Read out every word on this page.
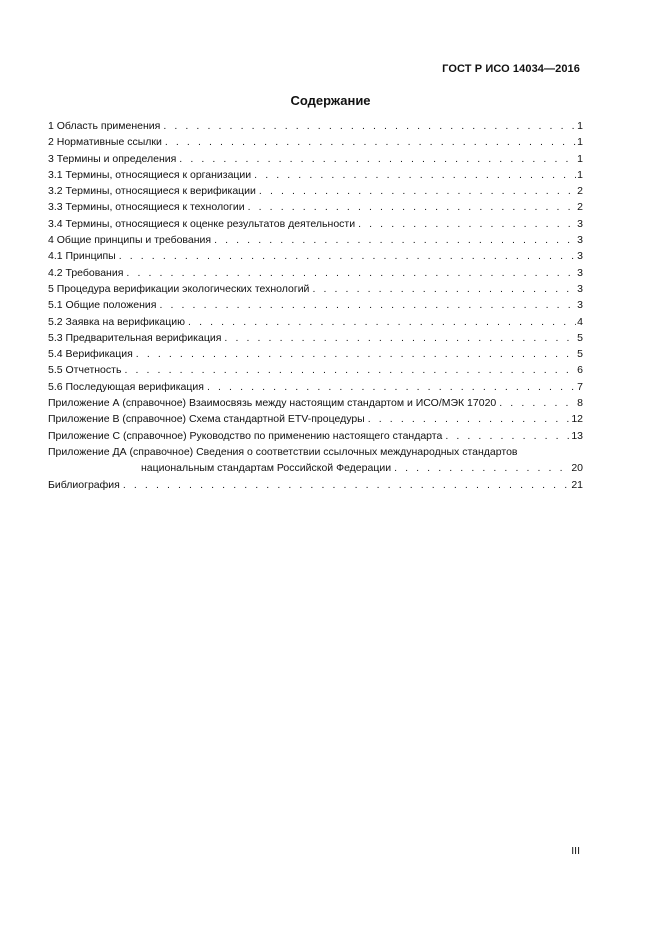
ГОСТ Р ИСО 14034—2016
Содержание
1 Область применения . . .	1
2 Нормативные ссылки . . .	1
3 Термины и определения . . .	1
3.1 Термины, относящиеся к организации . . .	1
3.2 Термины, относящиеся к верификации . . .	2
3.3 Термины, относящиеся к технологии . . .	2
3.4 Термины, относящиеся к оценке результатов деятельности . . .	3
4 Общие принципы и требования . . .	3
4.1 Принципы . . .	3
4.2 Требования . . .	3
5 Процедура верификации экологических технологий . . .	3
5.1 Общие положения . . .	3
5.2 Заявка на верификацию . . .	4
5.3 Предварительная верификация . . .	5
5.4 Верификация . . .	5
5.5 Отчетность . . .	6
5.6 Последующая верификация . . .	7
Приложение А (справочное) Взаимосвязь между настоящим стандартом и ИСО/МЭК 17020 . . .	8
Приложение В (справочное) Схема стандартной ETV-процедуры . . .	12
Приложение С (справочное) Руководство по применению настоящего стандарта . . .	13
Приложение ДА (справочное) Сведения о соответствии ссылочных международных стандартов
национальным стандартам Российской Федерации . . .	20
Библиография . . .	21
III
